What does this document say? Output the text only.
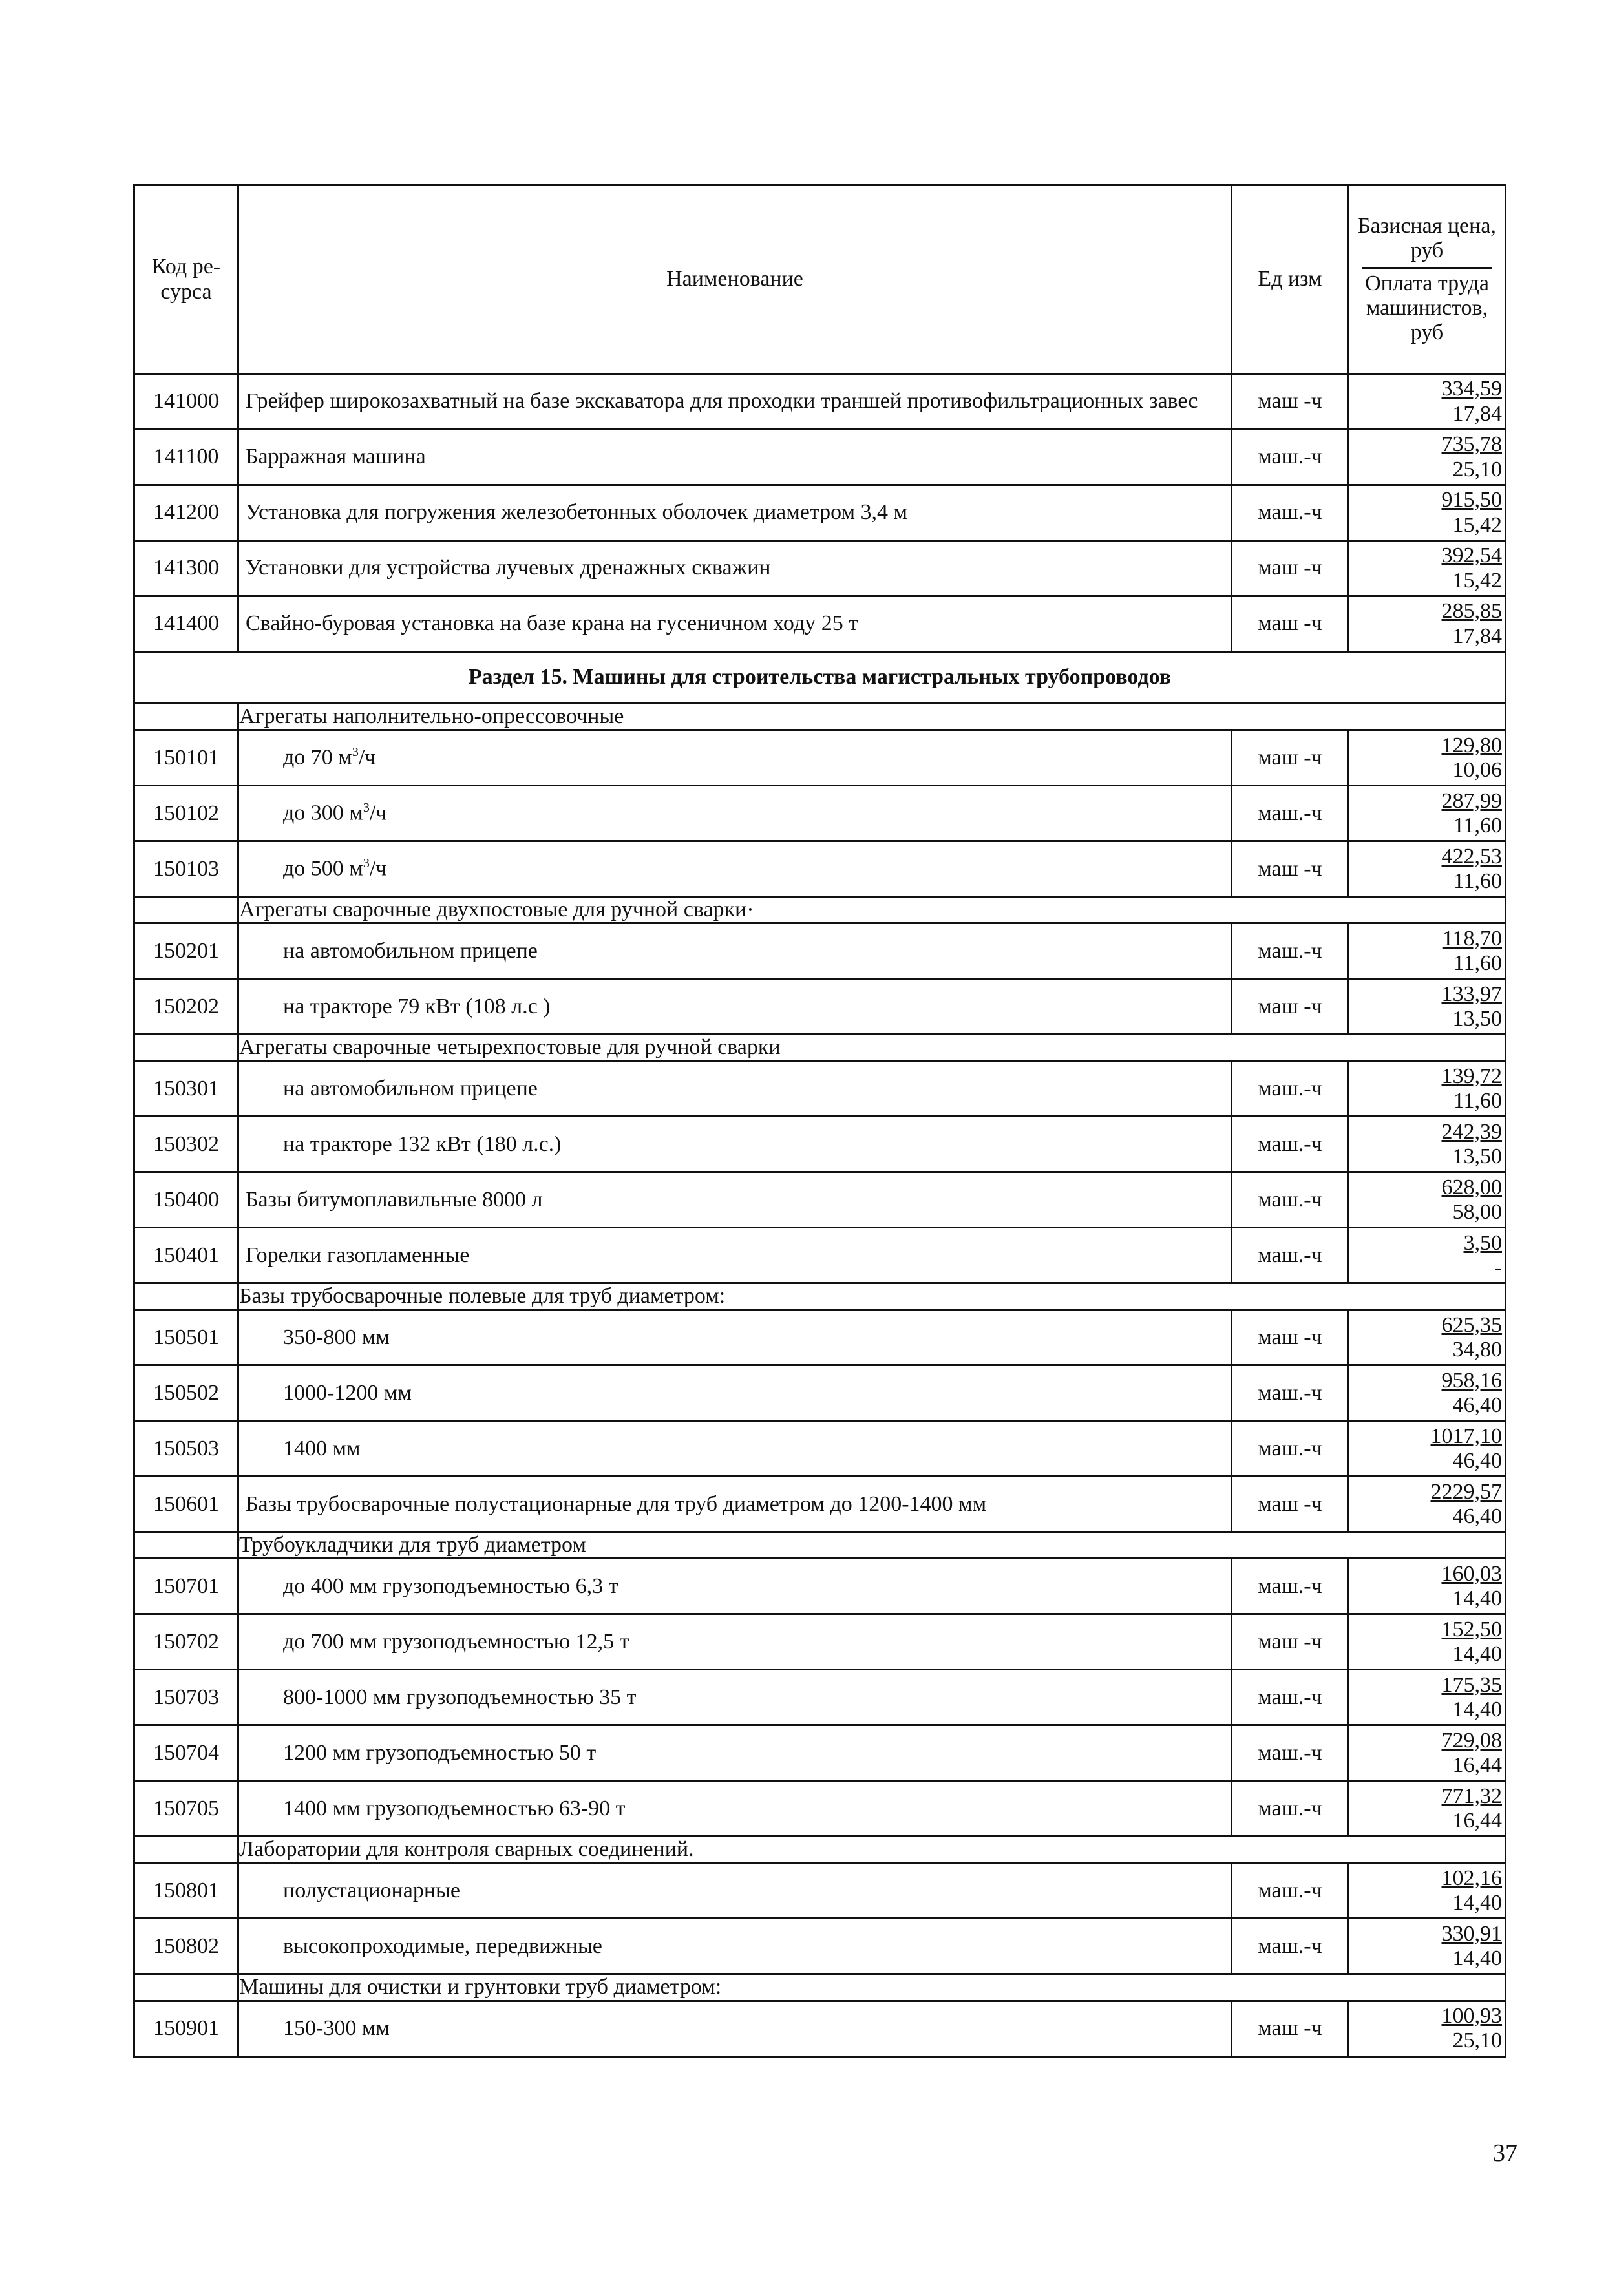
Код ре- сурса	Наименование	Ед изм	Базисная цена, руб
Оплата труда машинистов, руб

141000	Грейфер широкозахватный на базе экскаватора для проходки траншей противофильтрационных завес	маш -ч	334,59
17,84

141100	Барражная машина	маш.-ч	735,78
25,10

141200	Установка для погружения железобетонных оболочек диаметром 3,4 м	маш.-ч	915,50
15,42

141300	Установки для устройства лучевых дренажных скважин	маш -ч	392,54
15,42

141400	Свайно-буровая установка на базе крана на гусеничном ходу 25 т	маш -ч	285,85
17,84

Раздел 15. Машины для строительства магистральных трубопроводов			
	Агрегаты наполнительно-опрессовочные		
150101	до 70 $м^3/ч$	маш -ч	129,80
10,06

150102	до 300 $м^3/ч$	маш.-ч	287,99
11,60

150103	до 500 $м^3/ч$	маш -ч	422,53
11,60

	Агрегаты сварочные двухпостовые для ручной сварки·		
150201	на автомобильном прицепе	маш.-ч	118,70
11,60

150202	на тракторе 79 кВт (108 л.с )	маш -ч	133,97
13,50

	Агрегаты сварочные четырехпостовые для ручной сварки		
150301	на автомобильном прицепе	маш.-ч	139,72
11,60

150302	на тракторе 132 кВт (180 л.с.)	маш.-ч	242,39
13,50

150400	Базы битумоплавильные 8000 л	маш.-ч	628,00
58,00

150401	Горелки газопламенные	маш.-ч	3,50
-

	Базы трубосварочные полевые для труб диаметром:		
150501	350-800 мм	маш -ч	625,35
34,80

150502	1000-1200 мм	маш.-ч	958,16
46,40

150503	1400 мм	маш.-ч	1017,10
46,40

150601	Базы трубосварочные полустационарные для труб диаметром до 1200-1400 мм	маш -ч	2229,57
46,40

	Трубоукладчики для труб диаметром		
150701	до 400 мм грузоподъемностью 6,3 т	маш.-ч	160,03
14,40

150702	до 700 мм грузоподъемностью 12,5 т	маш -ч	152,50
14,40

150703	800-1000 мм грузоподъемностью 35 т	маш.-ч	175,35
14,40

150704	1200 мм грузоподъемностью 50 т	маш.-ч	729,08
16,44

150705	1400 мм грузоподъемностью 63-90 т	маш.-ч	771,32
16,44

	Лаборатории для контроля сварных соединений.		
150801	полустационарные	маш.-ч	102,16
14,40

150802	высокопроходимые, передвижные	маш.-ч	330,91
14,40

	Машины для очистки и грунтовки труб диаметром:		
150901	150-300 мм	маш -ч	100,93
25,10
37
